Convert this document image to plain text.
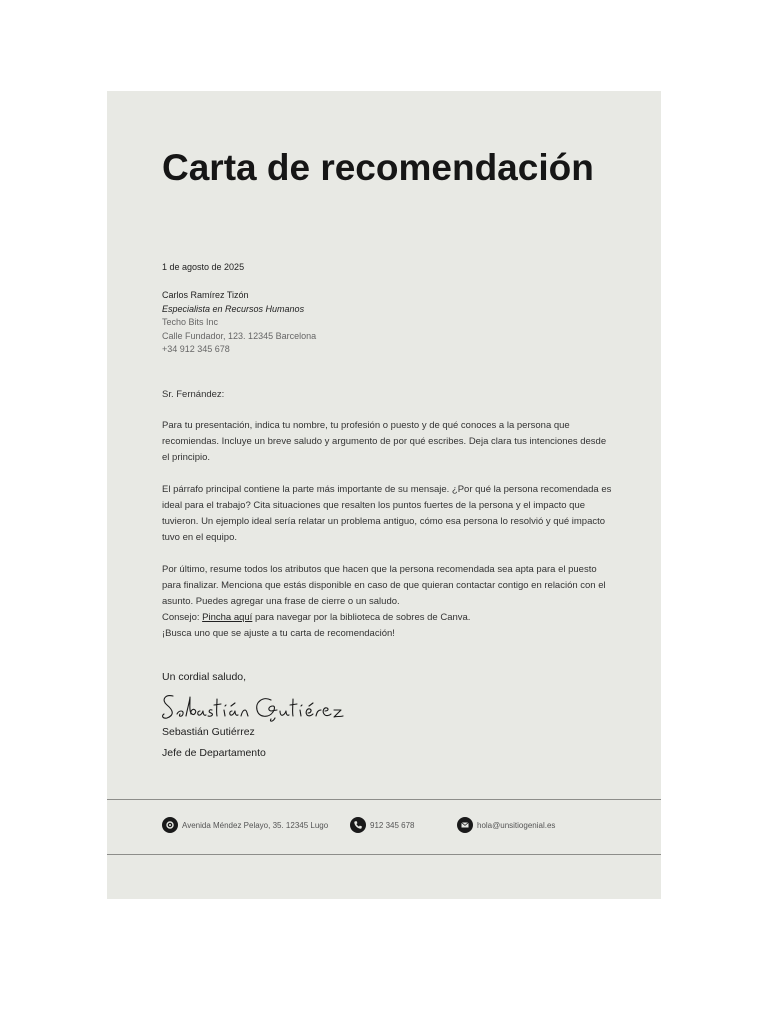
Carta de recomendación
1 de agosto de 2025
Carlos Ramírez Tizón
Especialista en Recursos Humanos
Techo Bits Inc
Calle Fundador, 123. 12345 Barcelona
+34 912 345 678
Sr. Fernández:

Para tu presentación, indica tu nombre, tu profesión o puesto y de qué conoces a la persona que recomiendas. Incluye un breve saludo y argumento de por qué escribes. Deja clara tus intenciones desde el principio.

El párrafo principal contiene la parte más importante de su mensaje. ¿Por qué la persona recomendada es ideal para el trabajo? Cita situaciones que resalten los puntos fuertes de la persona y el impacto que tuvieron. Un ejemplo ideal sería relatar un problema antiguo, cómo esa persona lo resolvió y qué impacto tuvo en el equipo.

Por último, resume todos los atributos que hacen que la persona recomendada sea apta para el puesto para finalizar. Menciona que estás disponible en caso de que quieran contactar contigo en relación con el asunto. Puedes agregar una frase de cierre o un saludo.
Consejo: Pincha aquí para navegar por la biblioteca de sobres de Canva.
¡Busca uno que se ajuste a tu carta de recomendación!

Un cordial saludo,
Sebastián Gutiérrez
Jefe de Departamento
Avenida Méndez Pelayo, 35. 12345 Lugo	912 345 678	hola@unsitiogenial.es
